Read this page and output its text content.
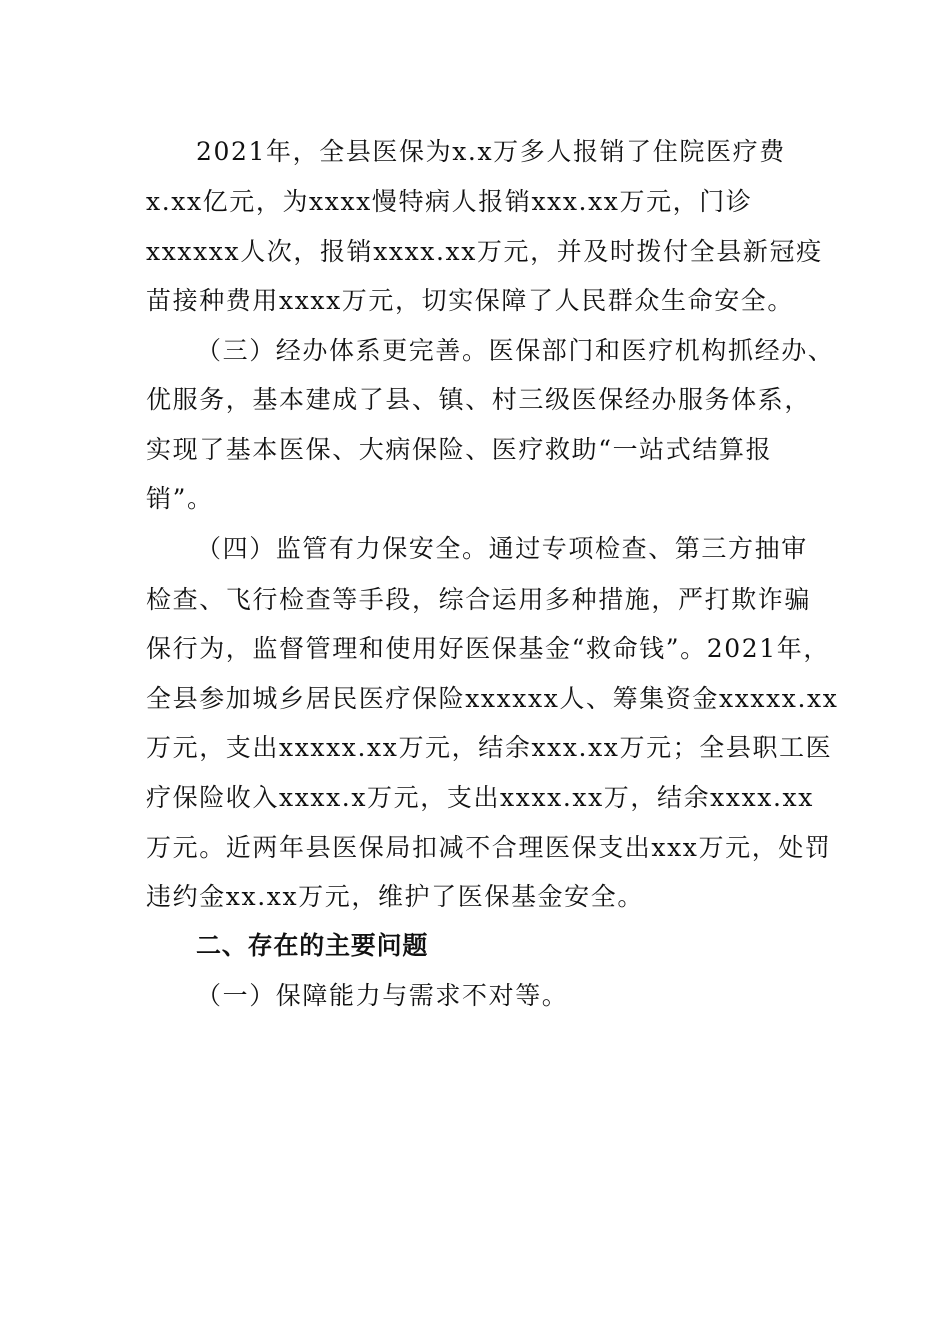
2021年，全县医保为x.x万多人报销了住院医疗费
x.xx亿元，为xxxx慢特病人报销xxx.xx万元，门诊
xxxxxx人次，报销xxxx.xx万元，并及时拨付全县新冠疫
苗接种费用xxxx万元，切实保障了人民群众生命安全。
（三）经办体系更完善。医保部门和医疗机构抓经办、
优服务，基本建成了县、镇、村三级医保经办服务体系，
实现了基本医保、大病保险、医疗救助“一站式结算报
销”。
（四）监管有力保安全。通过专项检查、第三方抽审
检查、飞行检查等手段，综合运用多种措施，严打欺诈骗
保行为，监督管理和使用好医保基金“救命钱”。2021年，
全县参加城乡居民医疗保险xxxxxx人、筹集资金xxxxx.xx
万元，支出xxxxx.xx万元，结余xxx.xx万元；全县职工医
疗保险收入xxxx.x万元，支出xxxx.xx万，结余xxxx.xx
万元。近两年县医保局扣减不合理医保支出xxx万元，处罚
违约金xx.xx万元，维护了医保基金安全。
二、存在的主要问题
（一）保障能力与需求不对等。
